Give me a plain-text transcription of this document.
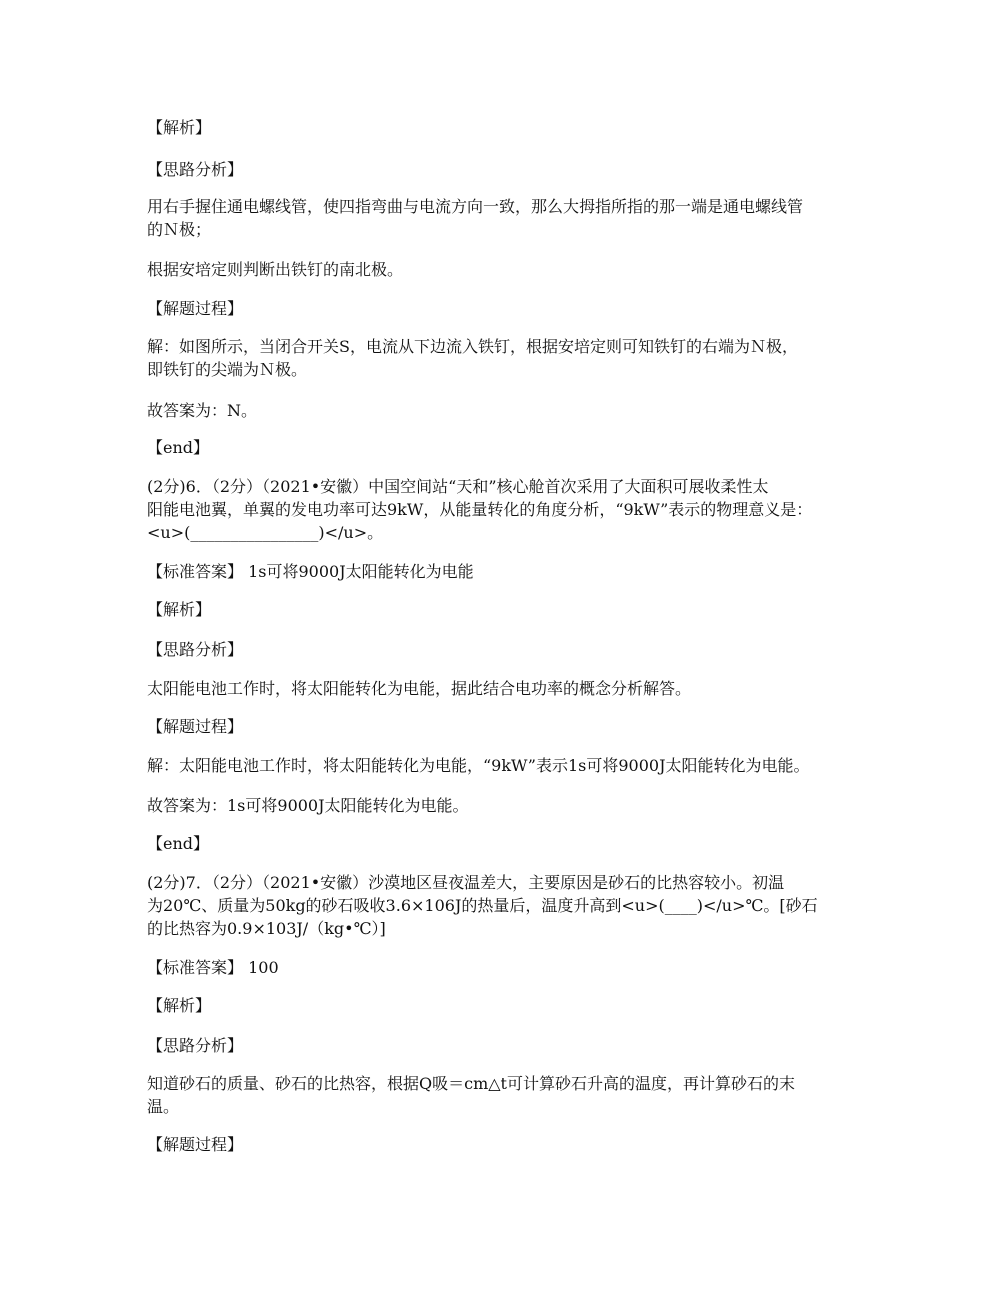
【解析】
【思路分析】
用右手握住通电螺线管，使四指弯曲与电流方向一致，那么大拇指所指的那一端是通电螺线管
的Ｎ极；
根据安培定则判断出铁钉的南北极。
【解题过程】
解：如图所示，当闭合开关S，电流从下边流入铁钉，根据安培定则可知铁钉的右端为Ｎ极，
即铁钉的尖端为Ｎ极。
故答案为：N。
【end】
(2分)6．（2分）（2021•安徽）中国空间站“天和”核心舱首次采用了大面积可展收柔性太
阳能电池翼，单翼的发电功率可达9kW，从能量转化的角度分析，“9kW”表示的物理意义是：
<u>(________________)</u>。
【标准答案】 1s可将9000J太阳能转化为电能
【解析】
【思路分析】
太阳能电池工作时，将太阳能转化为电能，据此结合电功率的概念分析解答。
【解题过程】
解：太阳能电池工作时，将太阳能转化为电能，“9kW”表示1s可将9000J太阳能转化为电能。
故答案为：1s可将9000J太阳能转化为电能。
【end】
(2分)7．（2分）（2021•安徽）沙漠地区昼夜温差大，主要原因是砂石的比热容较小。初温
为20℃、质量为50kg的砂石吸收3.6×106J的热量后，温度升高到<u>(____)</u>℃。[砂石
的比热容为0.9×103J/（kg•℃）]
【标准答案】 100
【解析】
【思路分析】
知道砂石的质量、砂石的比热容，根据Q吸＝cm△t可计算砂石升高的温度，再计算砂石的末
温。
【解题过程】
